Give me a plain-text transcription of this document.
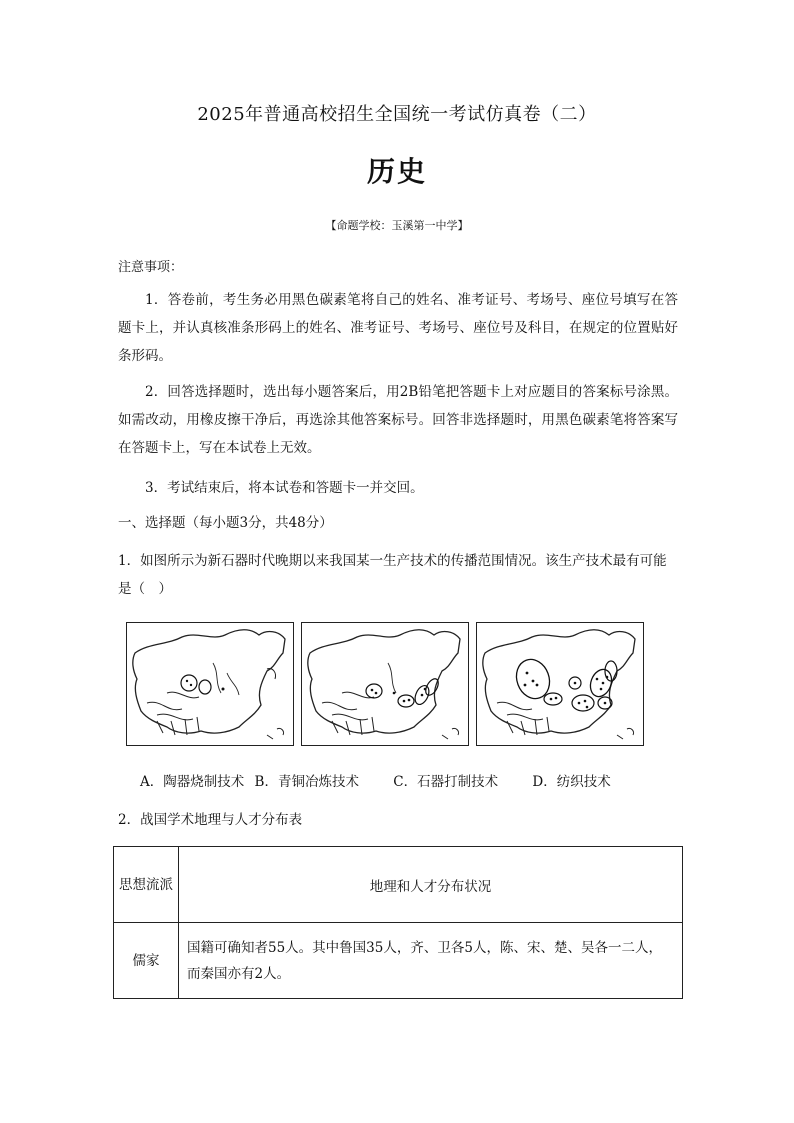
2025年普通高校招生全国统一考试仿真卷（二）
历史
【命题学校：玉溪第一中学】
注意事项：
1．答卷前，考生务必用黑色碳素笔将自己的姓名、准考证号、考场号、座位号填写在答题卡上，并认真核准条形码上的姓名、准考证号、考场号、座位号及科目，在规定的位置贴好条形码。
2．回答选择题时，选出每小题答案后，用2B铅笔把答题卡上对应题目的答案标号涂黑。如需改动，用橡皮擦干净后，再选涂其他答案标号。回答非选择题时，用黑色碳素笔将答案写在答题卡上，写在本试卷上无效。
3．考试结束后，将本试卷和答题卡一并交回。
一、选择题（每小题3分，共48分）
1．如图所示为新石器时代晚期以来我国某一生产技术的传播范围情况。该生产技术最有可能是（　）
A．陶器烧制技术 B．青铜冶炼技术	C．石器打制技术	D．纺织技术
2．战国学术地理与人才分布表
思想流派	地理和人才分布状况
儒家	国籍可确知者55人。其中鲁国35人，齐、卫各5人，陈、宋、楚、吴各一二人，而秦国亦有2人。
